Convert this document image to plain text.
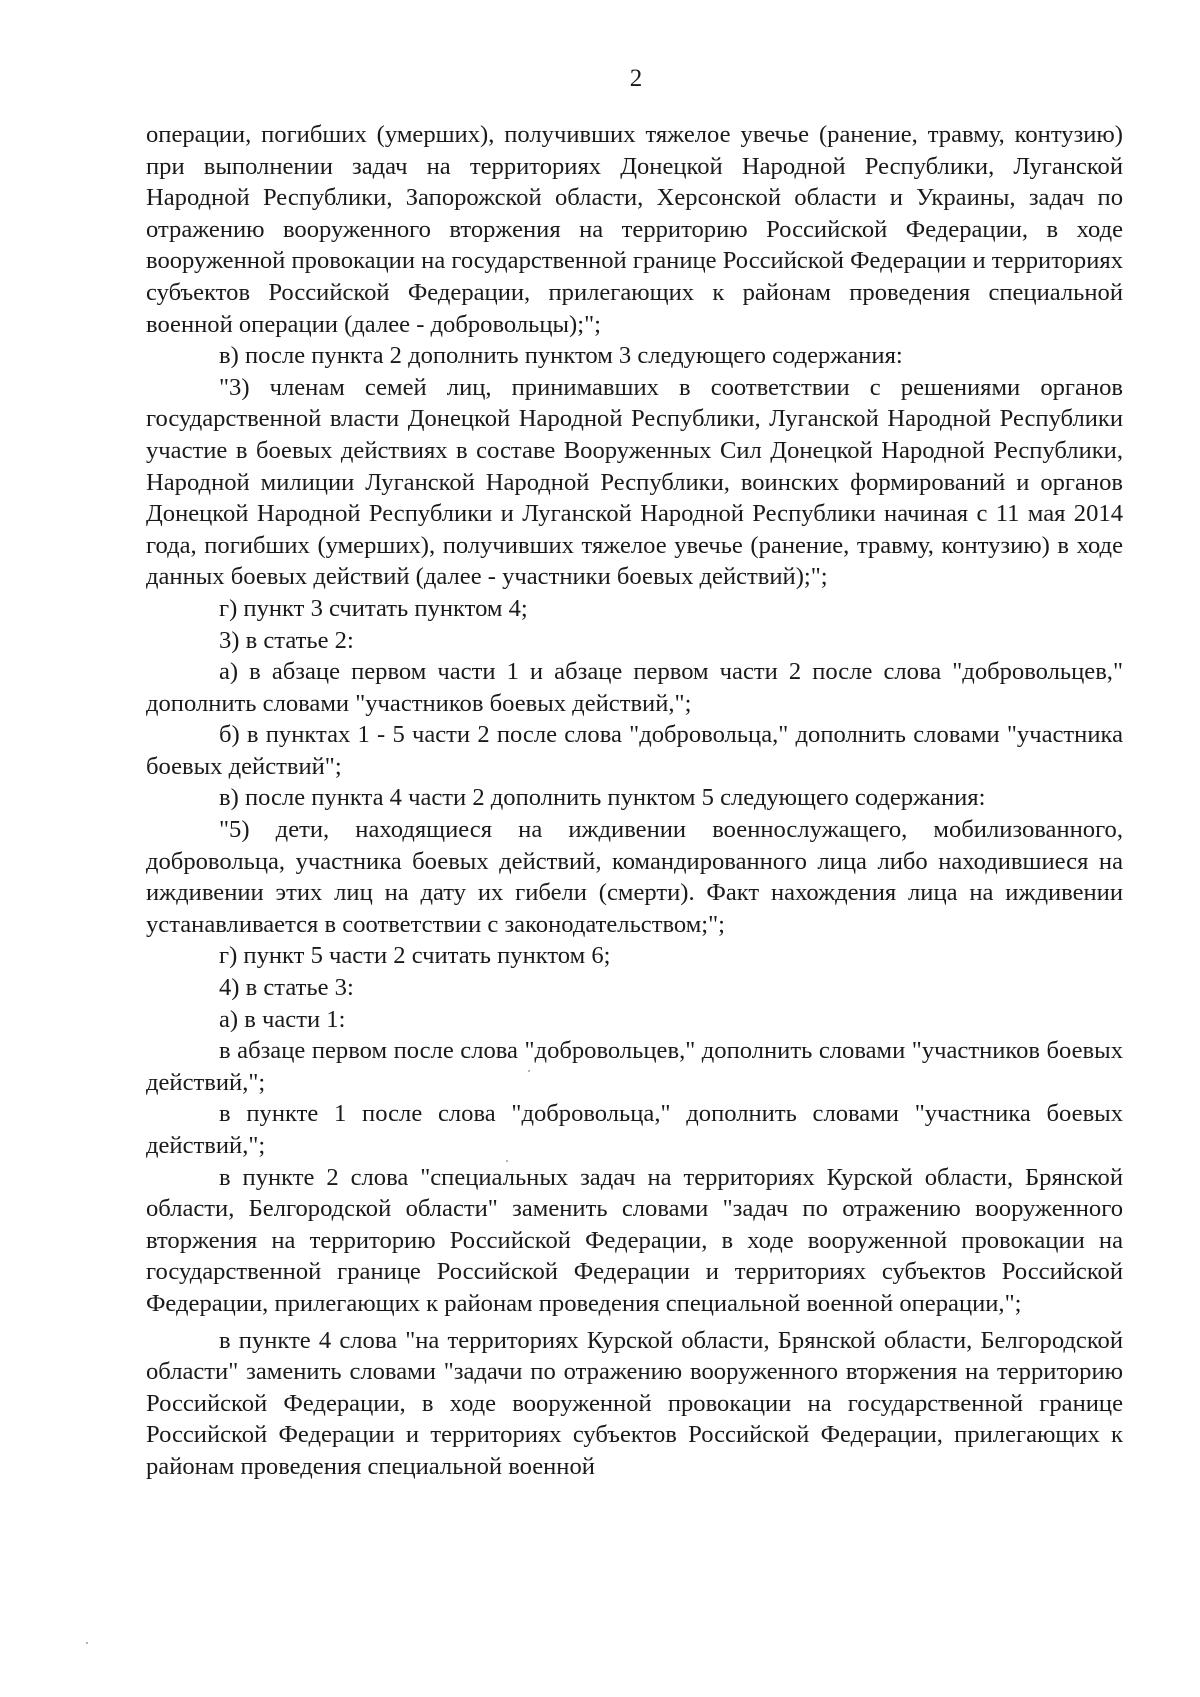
2

операции, погибших (умерших), получивших тяжелое увечье (ранение, травму, контузию) при выполнении задач на территориях Донецкой Народной Республики, Луганской Народной Республики, Запорожской области, Херсонской области и Украины, задач по отражению вооруженного вторжения на территорию Российской Федерации, в ходе вооруженной провокации на государственной границе Российской Федерации и территориях субъектов Российской Федерации, прилегающих к районам проведения специальной военной операции (далее - добровольцы);";

в) после пункта 2 дополнить пунктом 3 следующего содержания:

"3) членам семей лиц, принимавших в соответствии с решениями органов государственной власти Донецкой Народной Республики, Луганской Народной Республики участие в боевых действиях в составе Вооруженных Сил Донецкой Народной Республики, Народной милиции Луганской Народной Республики, воинских формирований и органов Донецкой Народной Республики и Луганской Народной Республики начиная с 11 мая 2014 года, погибших (умерших), получивших тяжелое увечье (ранение, травму, контузию) в ходе данных боевых действий (далее - участники боевых действий);";

г) пункт 3 считать пунктом 4;

3) в статье 2:

а) в абзаце первом части 1 и абзаце первом части 2 после слова "добровольцев," дополнить словами "участников боевых действий,";

б) в пунктах 1 - 5 части 2 после слова "добровольца," дополнить словами "участника боевых действий";

в) после пункта 4 части 2 дополнить пунктом 5 следующего содержания:

"5) дети, находящиеся на иждивении военнослужащего, мобилизованного, добровольца, участника боевых действий, командированного лица либо находившиеся на иждивении этих лиц на дату их гибели (смерти). Факт нахождения лица на иждивении устанавливается в соответствии с законодательством;";

г) пункт 5 части 2 считать пунктом 6;

4) в статье 3:

а) в части 1:

в абзаце первом после слова "добровольцев," дополнить словами "участников боевых действий,";

в пункте 1 после слова "добровольца," дополнить словами "участника боевых действий,";

в пункте 2 слова "специальных задач на территориях Курской области, Брянской области, Белгородской области" заменить словами "задач по отражению вооруженного вторжения на территорию Российской Федерации, в ходе вооруженной провокации на государственной границе Российской Федерации и территориях субъектов Российской Федерации, прилегающих к районам проведения специальной военной операции,";

в пункте 4 слова "на территориях Курской области, Брянской области, Белгородской области" заменить словами "задачи по отражению вооруженного вторжения на территорию Российской Федерации, в ходе вооруженной провокации на государственной границе Российской Федерации и территориях субъектов Российской Федерации, прилегающих к районам проведения специальной военной
